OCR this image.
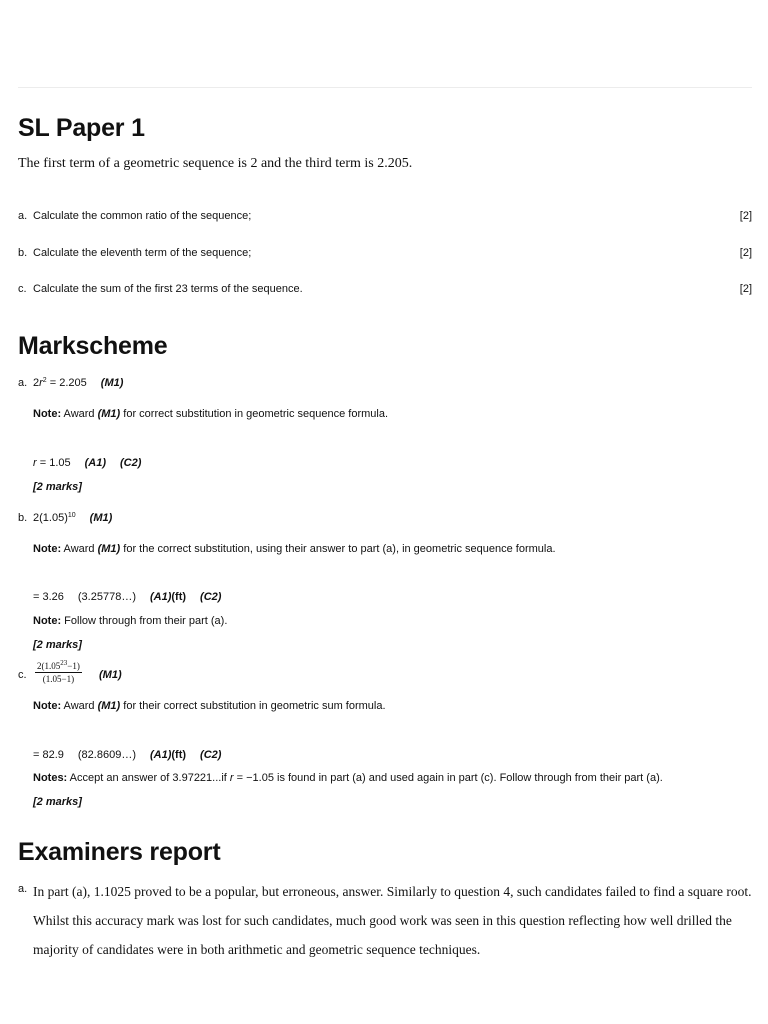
SL Paper 1
The first term of a geometric sequence is 2 and the third term is 2.205.
a. Calculate the common ratio of the sequence;	[2]
b. Calculate the eleventh term of the sequence;	[2]
c. Calculate the sum of the first 23 terms of the sequence.	[2]
Markscheme
a. $2r^2 = 2.205$ (M1)
Note: Award (M1) for correct substitution in geometric sequence formula.
r = 1.05 (A1) (C2)
[2 marks]
b. $2(1.05)^{10}$ (M1)
Note: Award (M1) for the correct substitution, using their answer to part (a), in geometric sequence formula.
= 3.26 (3.25778…) (A1)(ft) (C2)
Note: Follow through from their part (a).
[2 marks]
c. $\frac{2(1.05^{23}-1)}{(1.05-1)} (M1)$
Note: Award (M1) for their correct substitution in geometric sum formula.
= 82.9 (82.8609…) (A1)(ft) (C2)
Notes: Accept an answer of 3.97221...if r = −1.05 is found in part (a) and used again in part (c). Follow through from their part (a).
[2 marks]
Examiners report
a. In part (a), 1.1025 proved to be a popular, but erroneous, answer. Similarly to question 4, such candidates failed to find a square root. Whilst this accuracy mark was lost for such candidates, much good work was seen in this question reflecting how well drilled the majority of candidates were in both arithmetic and geometric sequence techniques.
